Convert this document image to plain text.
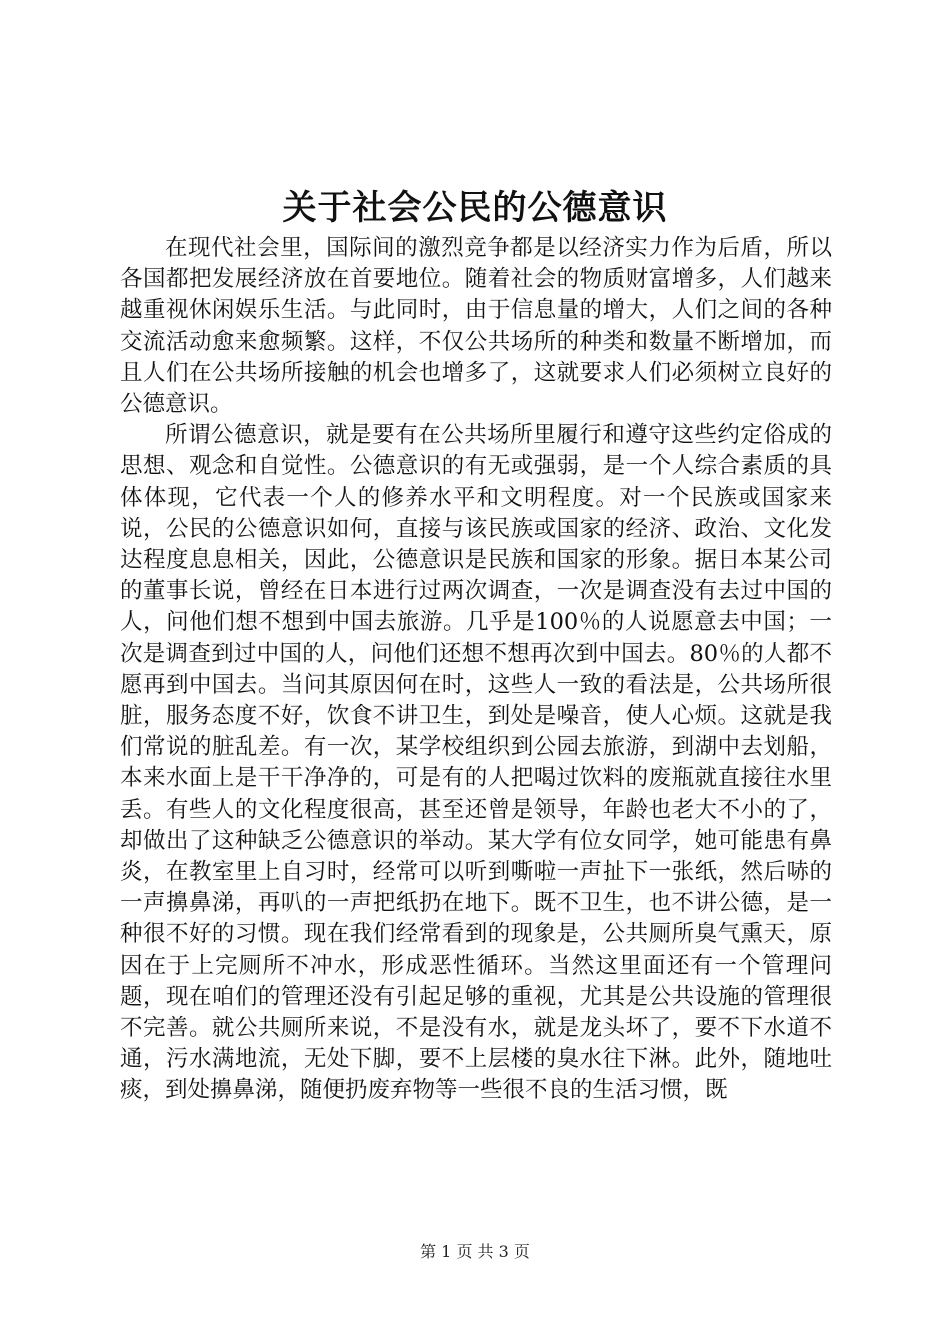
关于社会公民的公德意识

在现代社会里，国际间的激烈竞争都是以经济实力作为后盾，所以各国都把发展经济放在首要地位。随着社会的物质财富增多，人们越来越重视休闲娱乐生活。与此同时，由于信息量的增大，人们之间的各种交流活动愈来愈频繁。这样，不仅公共场所的种类和数量不断增加，而且人们在公共场所接触的机会也增多了，这就要求人们必须树立良好的公德意识。

所谓公德意识，就是要有在公共场所里履行和遵守这些约定俗成的思想、观念和自觉性。公德意识的有无或强弱，是一个人综合素质的具体体现，它代表一个人的修养水平和文明程度。对一个民族或国家来说，公民的公德意识如何，直接与该民族或国家的经济、政治、文化发达程度息息相关，因此，公德意识是民族和国家的形象。据日本某公司的董事长说，曾经在日本进行过两次调查，一次是调查没有去过中国的人，问他们想不想到中国去旅游。几乎是100％的人说愿意去中国；一次是调查到过中国的人，问他们还想不想再次到中国去。80％的人都不愿再到中国去。当问其原因何在时，这些人一致的看法是，公共场所很脏，服务态度不好，饮食不讲卫生，到处是噪音，使人心烦。这就是我们常说的脏乱差。有一次，某学校组织到公园去旅游，到湖中去划船，本来水面上是干干净净的，可是有的人把喝过饮料的废瓶就直接往水里丢。有些人的文化程度很高，甚至还曾是领导，年龄也老大不小的了，却做出了这种缺乏公德意识的举动。某大学有位女同学，她可能患有鼻炎，在教室里上自习时，经常可以听到嘶啦一声扯下一张纸，然后哧的一声擤鼻涕，再叭的一声把纸扔在地下。既不卫生，也不讲公德，是一种很不好的习惯。现在我们经常看到的现象是，公共厕所臭气熏天，原因在于上完厕所不冲水，形成恶性循环。当然这里面还有一个管理问题，现在咱们的管理还没有引起足够的重视，尤其是公共设施的管理很不完善。就公共厕所来说，不是没有水，就是龙头坏了，要不下水道不通，污水满地流，无处下脚，要不上层楼的臭水往下淋。此外，随地吐痰，到处擤鼻涕，随便扔废弃物等一些很不良的生活习惯，既

第 1 页 共 3 页
